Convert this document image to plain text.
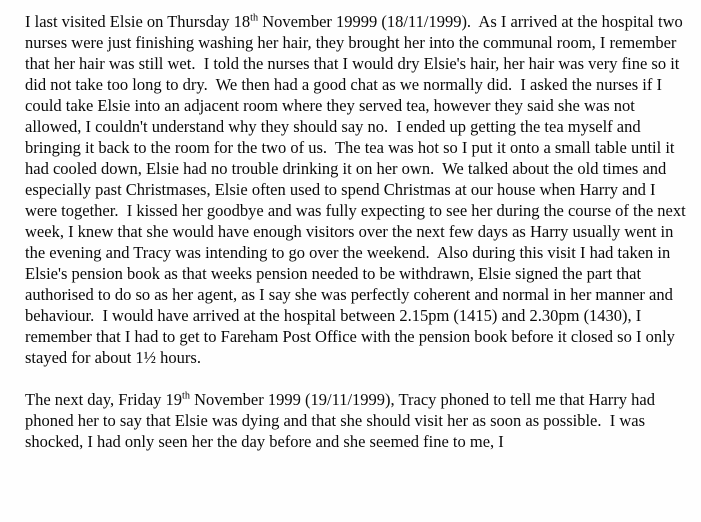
I last visited Elsie on Thursday 18th November 19999 (18/11/1999).  As I arrived at the hospital two nurses were just finishing washing her hair, they brought her into the communal room, I remember that her hair was still wet.  I told the nurses that I would dry Elsie's hair, her hair was very fine so it did not take too long to dry.  We then had a good chat as we normally did.  I asked the nurses if I could take Elsie into an adjacent room where they served tea, however they said she was not allowed, I couldn't understand why they should say no.  I ended up getting the tea myself and bringing it back to the room for the two of us.  The tea was hot so I put it onto a small table until it had cooled down, Elsie had no trouble drinking it on her own.  We talked about the old times and especially past Christmases, Elsie often used to spend Christmas at our house when Harry and I were together.  I kissed her goodbye and was fully expecting to see her during the course of the next week, I knew that she would have enough visitors over the next few days as Harry usually went in the evening and Tracy was intending to go over the weekend.  Also during this visit I had taken in Elsie's pension book as that weeks pension needed to be withdrawn, Elsie signed the part that authorised to do so as her agent, as I say she was perfectly coherent and normal in her manner and behaviour.  I would have arrived at the hospital between 2.15pm (1415) and 2.30pm (1430), I remember that I had to get to Fareham Post Office with the pension book before it closed so I only stayed for about 1½ hours.

The next day, Friday 19th November 1999 (19/11/1999), Tracy phoned to tell me that Harry had phoned her to say that Elsie was dying and that she should visit her as soon as possible.  I was shocked, I had only seen her the day before and she seemed fine to me, I
